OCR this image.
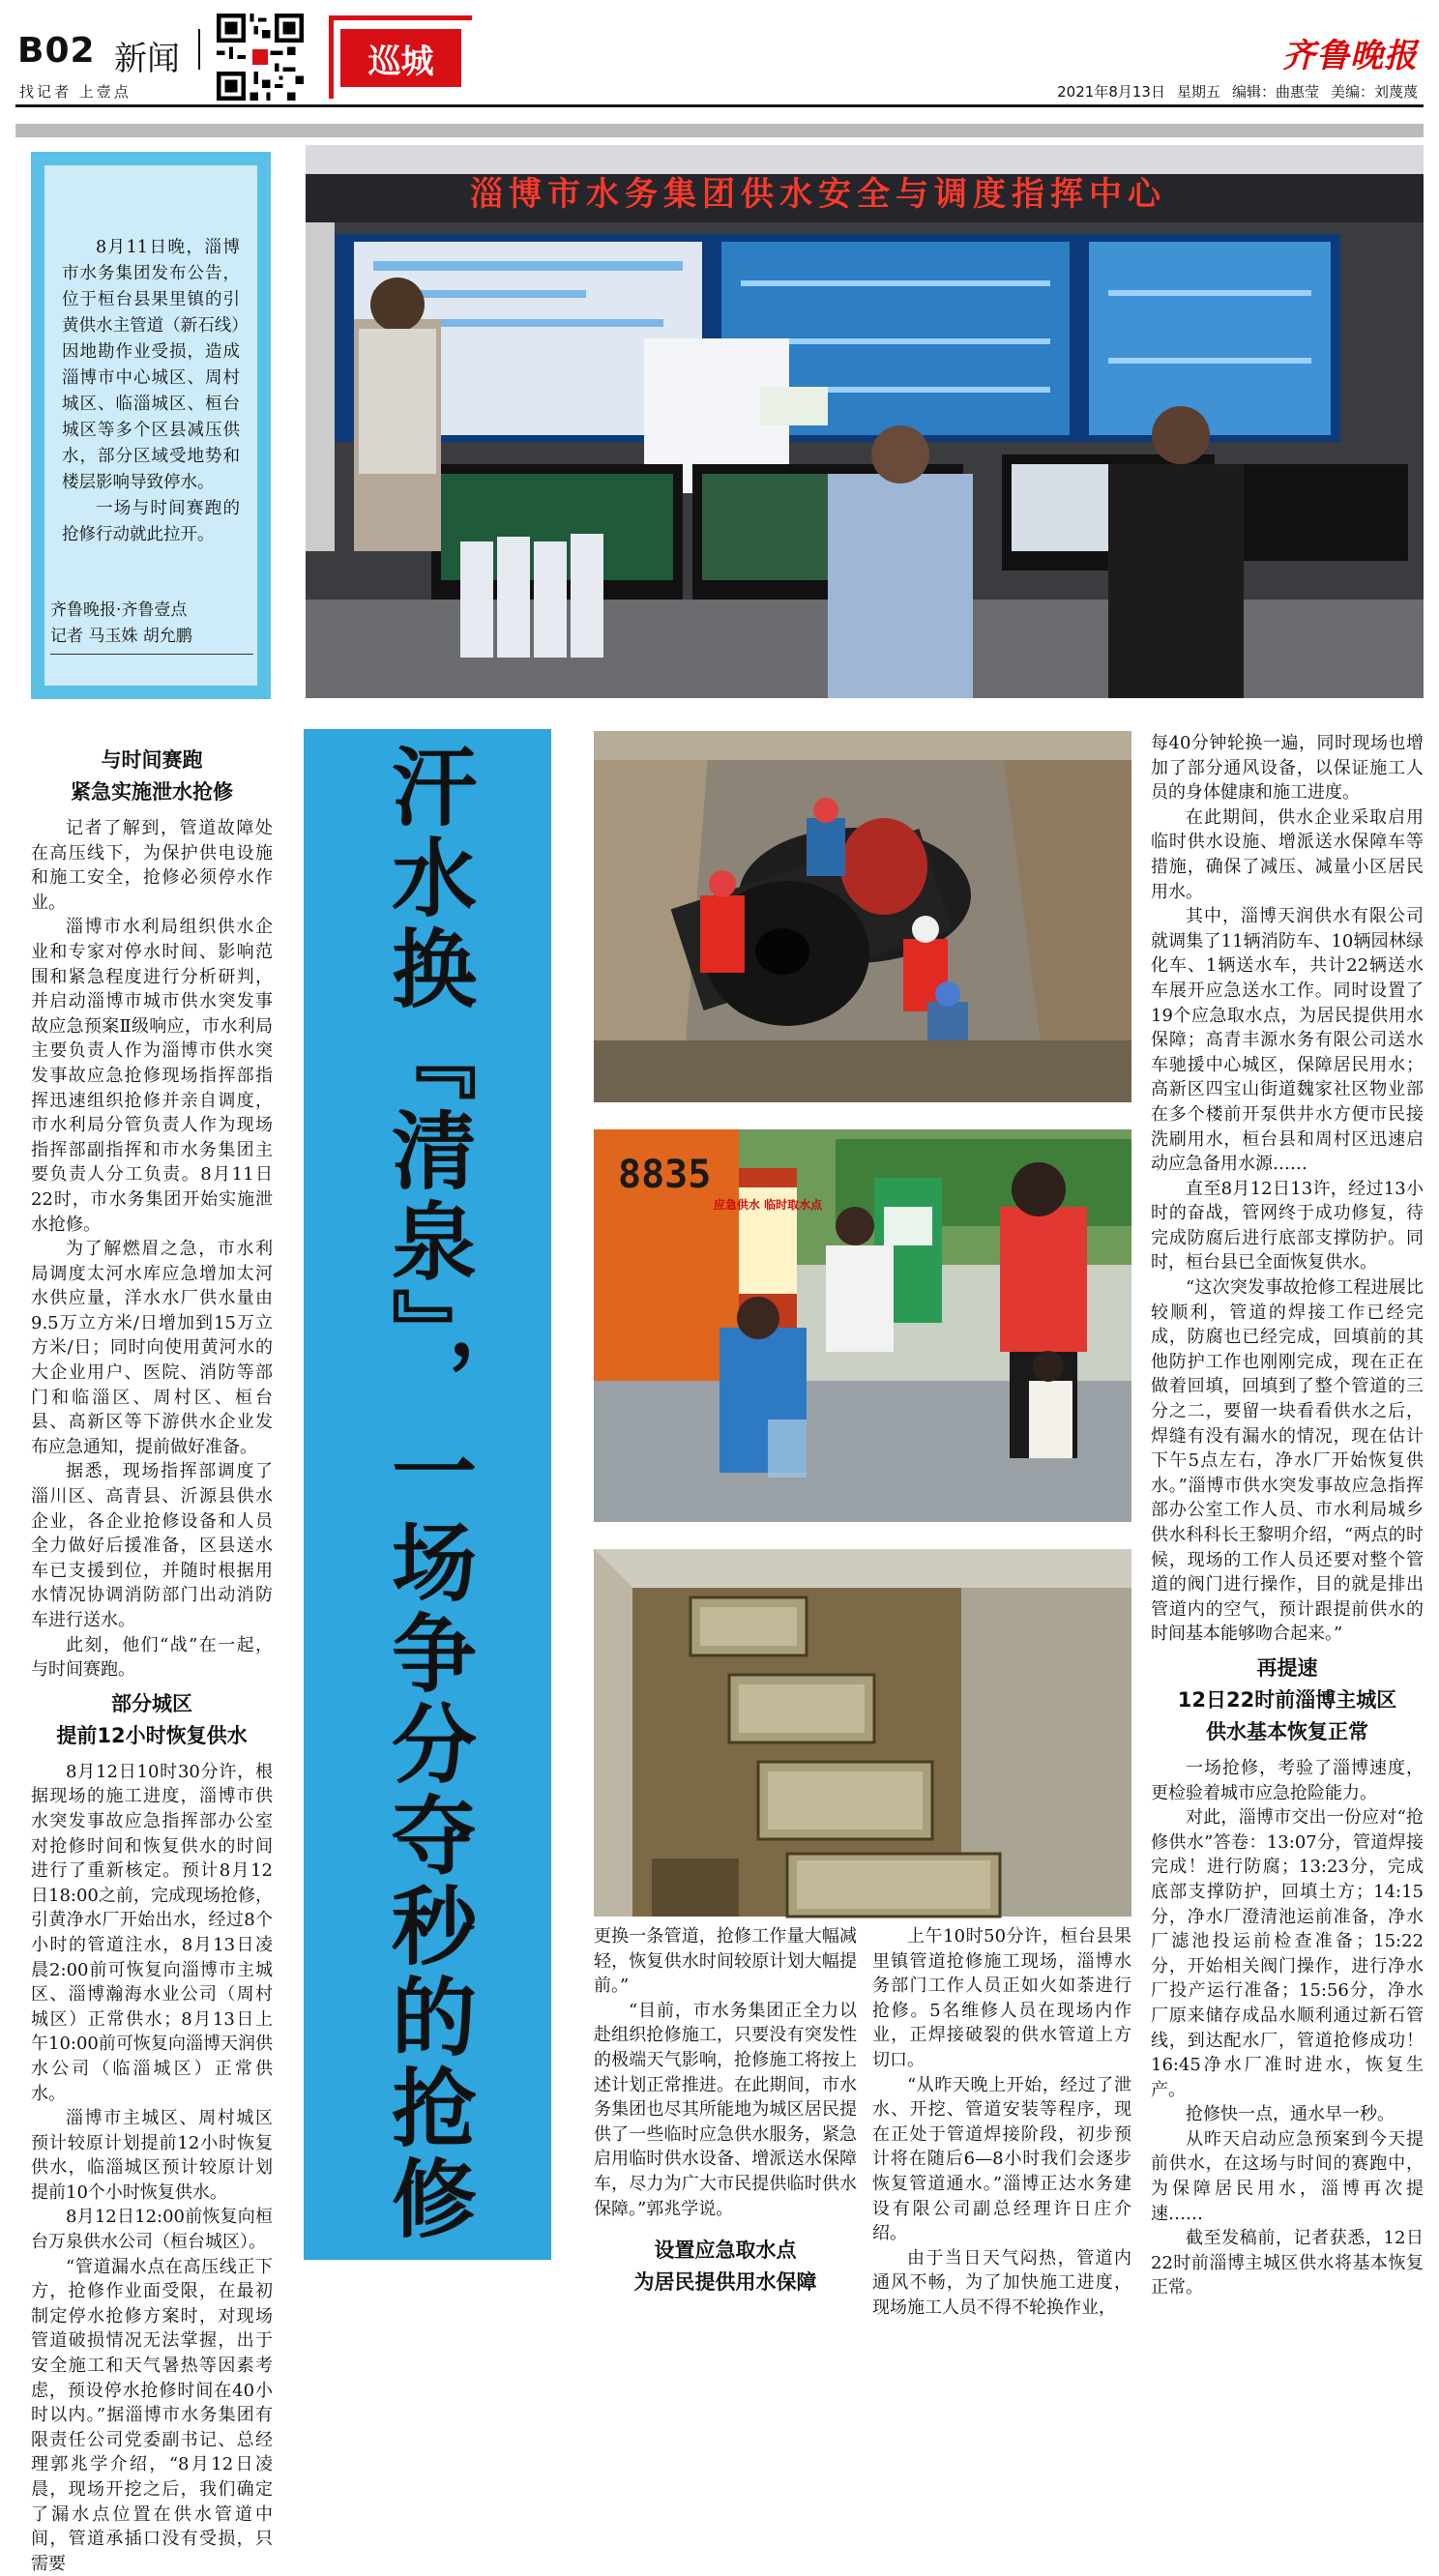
B02 新闻
找记者 上壹点
巡城	齐鲁晚报
2021年8月13日 星期五 编辑：曲惠莹 美编：刘蔑蔑

8月11日晚，淄博市水务集团发布公告，位于桓台县果里镇的引黄供水主管道（新石线）因地勘作业受损，造成淄博市中心城区、周村城区、临淄城区、桓台城区等多个区县减压供水，部分区域受地势和楼层影响导致停水。

一场与时间赛跑的抢修行动就此拉开。

齐鲁晚报·齐鲁壹点
记者 马玉姝 胡允鹏
淄博市水务集团供水安全与调度指挥中心
汗水换『清泉』，一场争分夺秒的抢修	8835
应急供水 临时取水点
与时间赛跑
紧急实施泄水抢修

记者了解到，管道故障处在高压线下，为保护供电设施和施工安全，抢修必须停水作业。

淄博市水利局组织供水企业和专家对停水时间、影响范围和紧急程度进行分析研判，并启动淄博市城市供水突发事故应急预案Ⅱ级响应，市水利局主要负责人作为淄博市供水突发事故应急抢修现场指挥部指挥迅速组织抢修并亲自调度，市水利局分管负责人作为现场指挥部副指挥和市水务集团主要负责人分工负责。8月11日22时，市水务集团开始实施泄水抢修。

为了解燃眉之急，市水利局调度太河水库应急增加太河水供应量，洋水水厂供水量由9.5万立方米/日增加到15万立方米/日；同时向使用黄河水的大企业用户、医院、消防等部门和临淄区、周村区、桓台县、高新区等下游供水企业发布应急通知，提前做好准备。

据悉，现场指挥部调度了淄川区、高青县、沂源县供水企业，各企业抢修设备和人员全力做好后援准备，区县送水车已支援到位，并随时根据用水情况协调消防部门出动消防车进行送水。

此刻，他们“战”在一起，与时间赛跑。

部分城区
提前12小时恢复供水

8月12日10时30分许，根据现场的施工进度，淄博市供水突发事故应急指挥部办公室对抢修时间和恢复供水的时间进行了重新核定。预计8月12日18:00之前，完成现场抢修，引黄净水厂开始出水，经过8个小时的管道注水，8月13日凌晨2:00前可恢复向淄博市主城区、淄博瀚海水业公司（周村城区）正常供水；8月13日上午10:00前可恢复向淄博天润供水公司（临淄城区）正常供水。

淄博市主城区、周村城区预计较原计划提前12小时恢复供水，临淄城区预计较原计划提前10个小时恢复供水。

8月12日12:00前恢复向桓台万泉供水公司（桓台城区）。

“管道漏水点在高压线正下方，抢修作业面受限，在最初制定停水抢修方案时，对现场管道破损情况无法掌握，出于安全施工和天气暑热等因素考虑，预设停水抢修时间在40小时以内。”据淄博市水务集团有限责任公司党委副书记、总经理郭兆学介绍，“8月12日凌晨，现场开挖之后，我们确定了漏水点位置在供水管道中间，管道承插口没有受损，只需要

更换一条管道，抢修工作量大幅减轻，恢复供水时间较原计划大幅提前。”

“目前，市水务集团正全力以赴组织抢修施工，只要没有突发性的极端天气影响，抢修施工将按上述计划正常推进。在此期间，市水务集团也尽其所能地为城区居民提供了一些临时应急供水服务，紧急启用临时供水设备、增派送水保障车，尽力为广大市民提供临时供水保障。”郭兆学说。

设置应急取水点
为居民提供用水保障

上午10时50分许，桓台县果里镇管道抢修施工现场，淄博水务部门工作人员正如火如荼进行抢修。5名维修人员在现场内作业，正焊接破裂的供水管道上方切口。

“从昨天晚上开始，经过了泄水、开挖、管道安装等程序，现在正处于管道焊接阶段，初步预计将在随后6—8小时我们会逐步恢复管道通水。”淄博正达水务建设有限公司副总经理许日庄介绍。

由于当日天气闷热，管道内通风不畅，为了加快施工进度，现场施工人员不得不轮换作业，

每40分钟轮换一遍，同时现场也增加了部分通风设备，以保证施工人员的身体健康和施工进度。

在此期间，供水企业采取启用临时供水设施、增派送水保障车等措施，确保了减压、减量小区居民用水。

其中，淄博天润供水有限公司就调集了11辆消防车、10辆园林绿化车、1辆送水车，共计22辆送水车展开应急送水工作。同时设置了19个应急取水点，为居民提供用水保障；高青丰源水务有限公司送水车驰援中心城区，保障居民用水；高新区四宝山街道魏家社区物业部在多个楼前开泵供井水方便市民接洗刷用水，桓台县和周村区迅速启动应急备用水源……

直至8月12日13许，经过13小时的奋战，管网终于成功修复，待完成防腐后进行底部支撑防护。同时，桓台县已全面恢复供水。

“这次突发事故抢修工程进展比较顺利，管道的焊接工作已经完成，防腐也已经完成，回填前的其他防护工作也刚刚完成，现在正在做着回填，回填到了整个管道的三分之二，要留一块看看供水之后，焊缝有没有漏水的情况，现在估计下午5点左右，净水厂开始恢复供水。”淄博市供水突发事故应急指挥部办公室工作人员、市水利局城乡供水科科长王黎明介绍，“两点的时候，现场的工作人员还要对整个管道的阀门进行操作，目的就是排出管道内的空气，预计跟提前供水的时间基本能够吻合起来。”

再提速
12日22时前淄博主城区
供水基本恢复正常

一场抢修，考验了淄博速度，更检验着城市应急抢险能力。

对此，淄博市交出一份应对“抢修供水”答卷：13:07分，管道焊接完成！进行防腐；13:23分，完成底部支撑防护，回填土方；14:15分，净水厂澄清池运前准备，净水厂滤池投运前检查准备；15:22分，开始相关阀门操作，进行净水厂投产运行准备；15:56分，净水厂原来储存成品水顺利通过新石管线，到达配水厂，管道抢修成功！16:45净水厂准时进水，恢复生产。

抢修快一点，通水早一秒。

从昨天启动应急预案到今天提前供水，在这场与时间的赛跑中，为保障居民用水，淄博再次提速……

截至发稿前，记者获悉，12日22时前淄博主城区供水将基本恢复正常。
